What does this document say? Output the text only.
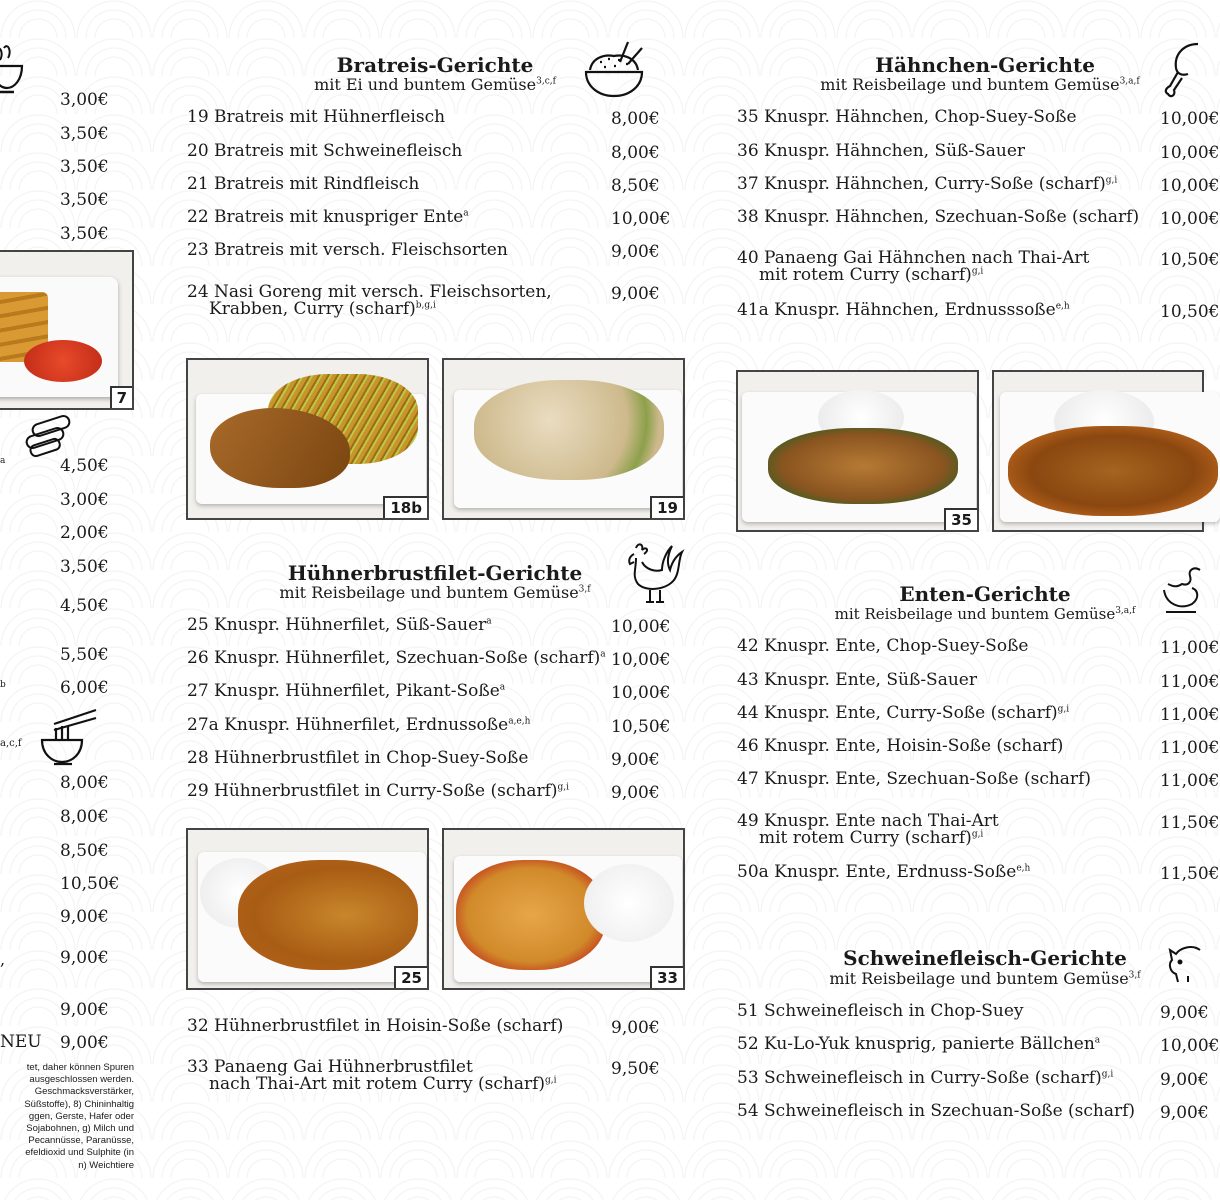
3,00€
3,50€
3,50€
3,50€
3,50€
7
a	4,50€
3,00€
2,00€
3,50€
4,50€
5,50€
6,00€
b
a,c,f
8,00€
8,00€
8,50€
10,50€
9,00€
9,00€
9,00€
9,00€
,
NEU
tet, daher können Spuren
ausgeschlossen werden.
Geschmacksverstärker,
Süßstoffe), 8) Chininhaltig
ggen, Gerste, Hafer oder
Sojabohnen, g) Milch und
Pecannüsse, Paranüsse,
efeldioxid und Sulphite (in
n) Weichtiere
Bratreis-Gerichte
mit Ei und buntem Gemüse$^{3,c,f}$
19 Bratreis mit Hühnerfleisch	8,00€
20 Bratreis mit Schweinefleisch	8,00€
21 Bratreis mit Rindfleisch	8,50€
22 Bratreis mit knuspriger Ente$^a$	10,00€
23 Bratreis mit versch. Fleischsorten	9,00€
24 Nasi Goreng mit versch. Fleischsorten,
Krabben, Curry (scharf)$^{b,g,i}$
9,00€
18b	19
Hühnerbrustfilet-Gerichte
mit Reisbeilage und buntem Gemüse$^{3,f}$
25 Knuspr. Hühnerfilet, Süß-Sauer$^a$	10,00€
26 Knuspr. Hühnerfilet, Szechuan-Soße (scharf)$^a$ 10,00€
27 Knuspr. Hühnerfilet, Pikant-Soße$^a$	10,00€
27a Knuspr. Hühnerfilet, Erdnussoße$^{a,e,h}$	10,50€
28 Hühnerbrustfilet in Chop-Suey-Soße	9,00€
29 Hühnerbrustfilet in Curry-Soße (scharf)$^{g,i}$ 9,00€
25	33
32 Hühnerbrustfilet in Hoisin-Soße (scharf)	9,00€
33 Panaeng Gai Hühnerbrustfilet
nach Thai-Art mit rotem Curry (scharf)$^{g,i}$
9,50€
Hähnchen-Gerichte
mit Reisbeilage und buntem Gemüse$^{3,a,f}$
35 Knuspr. Hähnchen, Chop-Suey-Soße	10,00€
36 Knuspr. Hähnchen, Süß-Sauer	10,00€
37 Knuspr. Hähnchen, Curry-Soße (scharf)$^{g,i}$	10,00€
38 Knuspr. Hähnchen, Szechuan-Soße (scharf) 10,00€
40 Panaeng Gai Hähnchen nach Thai-Art
mit rotem Curry (scharf)$^{g,i}$
10,50€
41a Knuspr. Hähnchen, Erdnusssoße$^{e,h}$	10,50€
35
Enten-Gerichte
mit Reisbeilage und buntem Gemüse$^{3,a,f}$
42 Knuspr. Ente, Chop-Suey-Soße	11,00€
43 Knuspr. Ente, Süß-Sauer	11,00€
44 Knuspr. Ente, Curry-Soße (scharf)$^{g,i}$	11,00€
46 Knuspr. Ente, Hoisin-Soße (scharf)	11,00€
47 Knuspr. Ente, Szechuan-Soße (scharf)	11,00€
49 Knuspr. Ente nach Thai-Art
mit rotem Curry (scharf)$^{g,i}$
11,50€
50a Knuspr. Ente, Erdnuss-Soße$^{e,h}$	11,50€
Schweinefleisch-Gerichte
mit Reisbeilage und buntem Gemüse$^{3,f}$
51 Schweinefleisch in Chop-Suey	9,00€
52 Ku-Lo-Yuk knusprig, panierte Bällchen$^a$	10,00€
53 Schweinefleisch in Curry-Soße (scharf)$^{g,i}$	9,00€
54 Schweinefleisch in Szechuan-Soße (scharf) 9,00€
